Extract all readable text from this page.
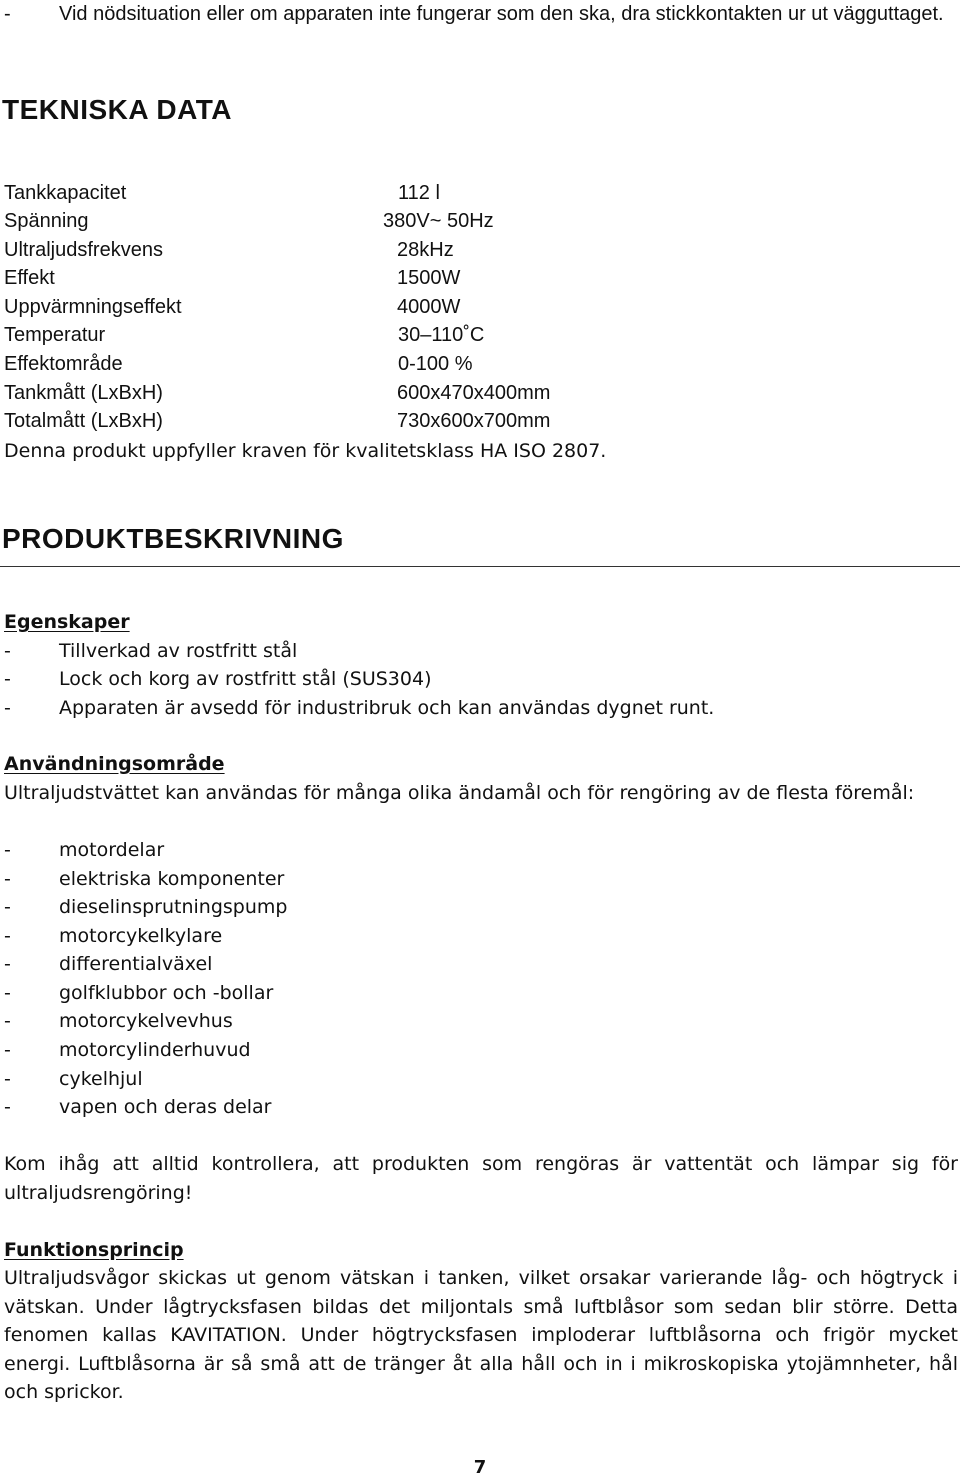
- Vid nödsituation eller om apparaten inte fungerar som den ska, dra stickkontakten ur ut vägguttaget.
TEKNISKA DATA
Tankkapacitet	112 l
Spänning	380V~ 50Hz
Ultraljudsfrekvens	28kHz
Effekt	1500W
Uppvärmningseffekt	4000W
Temperatur	30‒110˚C
Effektområde	0-100 %
Tankmått (LxBxH)	600x470x400mm
Totalmått (LxBxH)	730x600x700mm
Denna produkt uppfyller kraven för kvalitetsklass HA ISO 2807.
PRODUKTBESKRIVNING
Egenskaper
-	Tillverkad av rostfritt stål
-	Lock och korg av rostfritt stål (SUS304)
-	Apparaten är avsedd för industribruk och kan användas dygnet runt.
Användningsområde
Ultraljudstvättet kan användas för många olika ändamål och för rengöring av de flesta föremål:
-	motordelar
-	elektriska komponenter
-	dieselinsprutningspump
-	motorcykelkylare
-	differentialväxel
-	golfklubbor och -bollar
-	motorcykelvevhus
-	motorcylinderhuvud
-	cykelhjul
-	vapen och deras delar
Kom ihåg att alltid kontrollera, att produkten som rengöras är vattentät och lämpar sig för ultraljudsrengöring!
Funktionsprincip
Ultraljudsvågor skickas ut genom vätskan i tanken, vilket orsakar varierande låg- och högtryck i vätskan. Under lågtrycksfasen bildas det miljontals små luftblåsor som sedan blir större. Detta fenomen kallas KAVITATION. Under högtrycksfasen imploderar luftblåsorna och frigör mycket energi. Luftblåsorna är så små att de tränger åt alla håll och in i mikroskopiska ytojämnheter, hål och sprickor.
7
